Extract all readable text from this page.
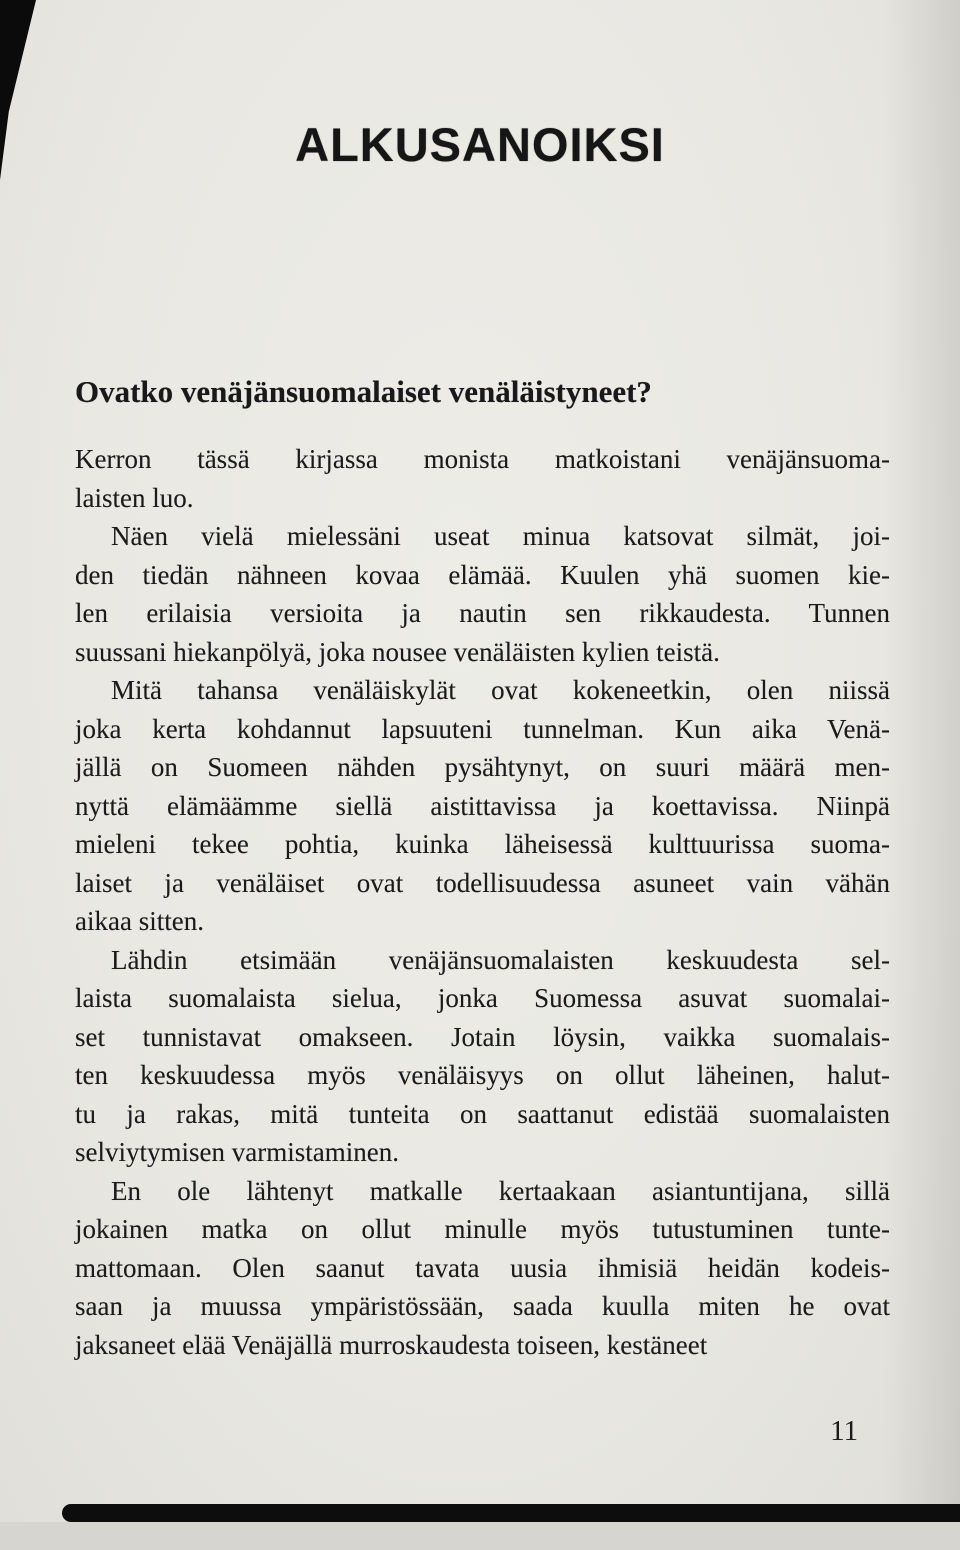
ALKUSANOIKSI
Ovatko venäjänsuomalaiset venäläistyneet?
Kerron tässä kirjassa monista matkoistani venäjänsuoma-
laisten luo.
Näen vielä mielessäni useat minua katsovat silmät, joi-
den tiedän nähneen kovaa elämää. Kuulen yhä suomen kie-
len erilaisia versioita ja nautin sen rikkaudesta. Tunnen
suussani hiekanpölyä, joka nousee venäläisten kylien teistä.
Mitä tahansa venäläiskylät ovat kokeneetkin, olen niissä
joka kerta kohdannut lapsuuteni tunnelman. Kun aika Venä-
jällä on Suomeen nähden pysähtynyt, on suuri määrä men-
nyttä elämäämme siellä aistittavissa ja koettavissa. Niinpä
mieleni tekee pohtia, kuinka läheisessä kulttuurissa suoma-
laiset ja venäläiset ovat todellisuudessa asuneet vain vähän
aikaa sitten.
Lähdin etsimään venäjänsuomalaisten keskuudesta sel-
laista suomalaista sielua, jonka Suomessa asuvat suomalai-
set tunnistavat omakseen. Jotain löysin, vaikka suomalais-
ten keskuudessa myös venäläisyys on ollut läheinen, halut-
tu ja rakas, mitä tunteita on saattanut edistää suomalaisten
selviytymisen varmistaminen.
En ole lähtenyt matkalle kertaakaan asiantuntijana, sillä
jokainen matka on ollut minulle myös tutustuminen tunte-
mattomaan. Olen saanut tavata uusia ihmisiä heidän kodeis-
saan ja muussa ympäristössään, saada kuulla miten he ovat
jaksaneet elää Venäjällä murroskaudesta toiseen, kestäneet
11
